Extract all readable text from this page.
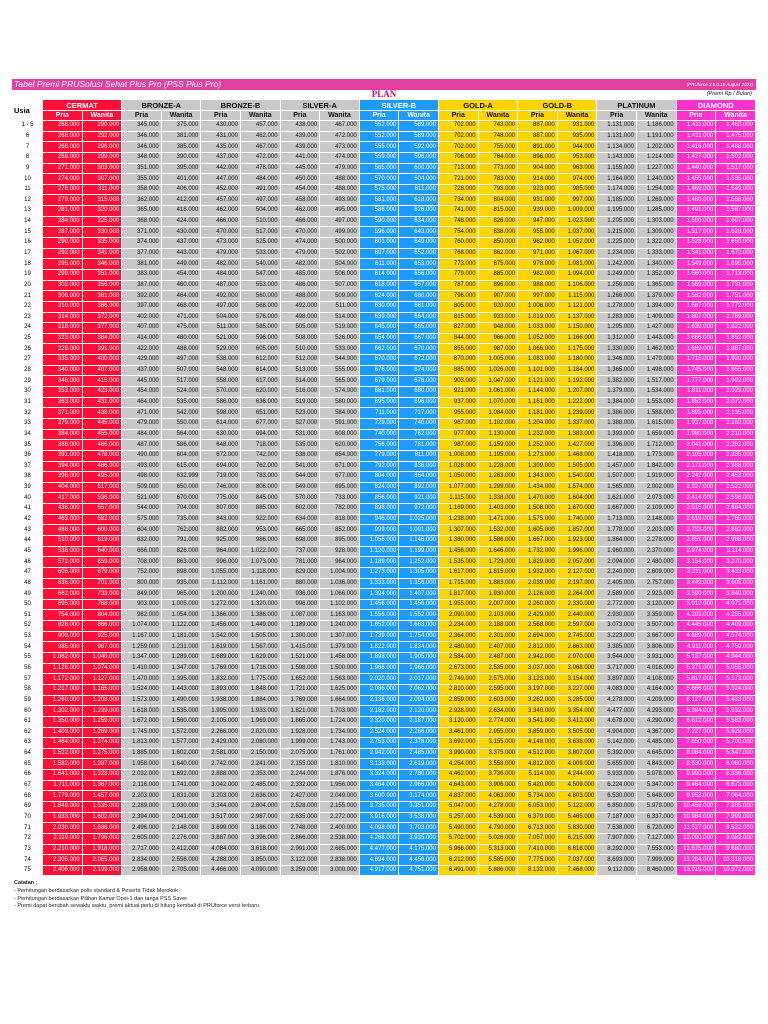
Tabel Premi PRUSolusi Sehat Plus Pro (PSS Plus Pro)	(PRUforce 3.9.0.15 August 2023)
PLAN	(Premi Rp / Bulan)
Usia	CERMAT		BRONZE-A		BRONZE-B		SILVER-A		SILVER-B		GOLD-A		GOLD-B		PLATINUM		DIAMOND	
	Pria	Wanita	Pria	Wanita	Pria	Wanita	Pria	Wanita	Pria	Wanita	Pria	Wanita	Pria	Wanita	Pria	Wanita	Pria	Wanita
1 - 5	268.000	290.000	345.000	375.000	430.000	457.000	438.000	467.000	552.000	589.000	702.000	743.000	887.000	931.000	1.131.000	1.186.000	1.411.000	1.460.000
6	268.000	292.000	346.000	381.000	431.000	462.000	439.000	472.000	552.000	589.000	702.000	748.000	887.000	935.000	1.131.000	1.191.000	1.411.000	1.475.000
7	268.000	296.000	346.000	385.000	435.000	467.000	439.000	473.000	555.000	592.000	702.000	755.000	891.000	944.000	1.134.000	1.202.000	1.416.000	1.488.000
8	269.000	299.000	348.000	390.000	437.000	472.000	441.000	474.000	559.000	596.000	706.000	764.000	896.000	953.000	1.143.000	1.214.000	1.427.000	1.502.000
9	271.000	303.000	351.000	395.000	442.000	478.000	445.000	479.000	565.000	600.000	713.000	773.000	904.000	963.000	1.155.000	1.227.000	1.440.000	1.517.000
10	274.000	307.000	355.000	401.000	447.000	484.000	450.000	488.000	570.000	604.000	721.000	783.000	914.000	974.000	1.164.000	1.240.000	1.455.000	1.535.000
11	276.000	311.000	358.000	406.000	452.000	491.000	454.000	488.000	575.000	611.000	728.000	793.000	923.000	985.000	1.174.000	1.254.000	1.469.000	1.549.000
12	279.000	315.000	362.000	412.000	457.000	497.000	458.000	493.000	581.000	618.000	734.000	804.000	931.000	997.000	1.185.000	1.269.000	1.480.000	1.568.000
13	281.000	320.000	365.000	418.000	462.000	504.000	462.000	495.000	586.000	626.000	741.000	815.000	939.000	1.009.000	1.195.000	1.285.000	1.491.000	1.587.000
14	284.000	325.000	368.000	424.000	466.000	510.000	466.000	497.000	590.000	634.000	748.000	826.000	947.000	1.023.000	1.205.000	1.303.000	1.500.000	1.607.000
15	287.000	330.000	371.000	430.000	470.000	517.000	470.000	499.000	596.000	643.000	754.000	838.000	955.000	1.037.000	1.215.000	1.309.000	1.517.000	1.628.000
16	290.000	335.000	374.000	437.000	473.000	525.000	474.000	500.000	601.000	649.000	760.000	850.000	962.000	1.052.000	1.225.000	1.322.000	1.528.000	1.650.000
17	292.000	341.000	377.000	443.000	479.000	533.000	479.000	502.000	607.000	652.000	768.000	862.000	971.000	1.067.000	1.234.000	1.333.000	1.541.000	1.672.000
18	295.000	346.000	381.000	449.000	482.000	540.000	482.000	504.000	611.000	653.000	773.000	875.000	978.000	1.081.000	1.242.000	1.340.000	1.549.000	1.695.000
19	299.000	351.000	383.000	454.000	484.000	547.000	485.000	506.000	614.000	656.000	779.000	885.000	982.000	1.094.000	1.249.000	1.352.000	1.560.000	1.713.000
20	302.000	356.000	387.000	460.000	487.000	553.000	486.000	507.000	618.000	657.000	787.000	896.000	988.000	1.106.000	1.256.000	1.365.000	1.569.000	1.731.000
21	306.000	361.000	392.000	464.000	492.000	560.000	488.000	509.000	624.000	660.000	796.000	907.000	997.000	1.115.000	1.266.000	1.379.000	1.582.000	1.751.000
22	310.000	366.000	397.000	468.000	497.000	568.000	492.000	511.000	630.000	661.000	805.000	920.000	1.006.000	1.121.000	1.278.000	1.394.000	1.587.000	1.772.000
23	314.000	372.000	402.000	471.000	504.000	576.000	498.000	514.000	639.000	664.000	815.000	933.000	1.019.000	1.137.000	1.283.000	1.409.000	1.607.000	1.789.000
24	318.000	377.000	407.000	475.000	511.000	585.000	505.000	519.000	645.000	665.000	827.000	948.000	1.033.000	1.150.000	1.295.000	1.427.000	1.639.000	1.822.000
25	323.000	384.000	414.000	480.000	521.000	596.000	508.000	526.000	654.000	667.000	844.000	966.000	1.052.000	1.166.000	1.312.000	1.443.000	1.666.000	1.852.000
26	329.000	391.000	422.000	488.000	529.000	605.000	510.000	533.000	662.000	670.000	855.000	987.000	1.066.000	1.175.000	1.330.000	1.462.000	1.689.000	1.887.000
27	335.000	400.000	429.000	497.000	538.000	612.000	512.000	544.000	670.000	672.000	870.000	1.005.000	1.083.000	1.180.000	1.346.000	1.479.000	1.715.000	1.920.000
28	340.000	407.000	437.000	507.000	548.000	614.000	513.000	555.000	676.000	674.000	885.000	1.026.000	1.101.000	1.184.000	1.365.000	1.498.000	1.745.000	1.955.000
29	346.000	415.000	445.000	517.000	558.000	617.000	514.000	565.000	679.000	676.000	903.000	1.047.000	1.121.000	1.192.000	1.382.000	1.517.000	1.777.000	1.992.000
30	353.000	423.000	454.000	524.000	570.000	620.000	516.000	574.000	681.000	680.000	921.000	1.061.000	1.144.000	1.207.000	1.379.000	1.534.000	1.811.000	2.029.000
31	363.000	431.000	464.000	535.000	586.000	636.000	519.000	580.000	695.000	696.000	937.000	1.070.000	1.161.000	1.222.000	1.384.000	1.553.000	1.852.000	2.072.000
32	371.000	438.000	471.000	542.000	598.000	651.000	523.000	584.000	711.000	717.000	955.000	1.084.000	1.181.000	1.239.000	1.386.000	1.588.000	1.895.000	2.135.000
33	379.000	445.000	479.000	550.000	614.000	677.000	527.000	591.000	729.000	740.000	967.000	1.102.000	1.204.000	1.337.000	1.388.000	1.615.000	1.937.000	2.160.000
34	384.000	455.000	484.000	564.000	630.000	694.000	531.000	608.000	740.000	762.000	977.000	1.130.000	1.232.000	1.383.000	1.393.000	1.659.000	1.980.000	2.210.000
35	388.000	466.000	487.000	586.000	648.000	718.000	535.000	620.000	756.000	781.000	987.000	1.159.000	1.252.000	1.427.000	1.396.000	1.712.000	2.041.000	2.262.000
36	391.000	478.000	490.000	604.000	672.000	742.000	538.000	654.000	779.000	811.000	1.008.000	1.195.000	1.273.000	1.468.000	1.418.000	1.773.000	2.105.000	2.335.000
37	394.000	486.000	493.000	615.000	694.000	762.000	541.000	671.000	792.000	836.000	1.028.000	1.228.000	1.309.000	1.505.000	1.457.000	1.842.000	2.171.000	2.388.000
38	398.000	495.000	498.000	632.999	719.000	783.000	544.000	677.000	804.000	864.000	1.050.000	1.263.000	1.343.000	1.540.000	1.507.000	1.919.000	2.242.000	2.453.000
39	404.000	517.000	509.000	650.000	746.000	806.000	549.000	695.000	824.000	892.000	1.077.000	1.299.000	1.434.000	1.574.000	1.565.000	2.002.000	2.327.000	2.522.000
40	417.000	536.000	521.000	670.000	775.000	845.000	570.000	733.000	856.000	921.000	1.115.000	1.338.000	1.470.000	1.604.000	1.621.000	2.073.000	2.414.000	2.596.000
41	436.000	557.000	544.000	704.000	807.000	885.000	602.000	782.000	898.000	972.000	1.169.000	1.403.000	1.508.000	1.670.000	1.667.000	2.109.000	2.515.000	2.684.000
42	463.000	582.000	575.000	735.000	843.000	922.000	634.000	818.000	946.000	1.025.000	1.238.000	1.471.000	1.575.000	1.740.000	1.713.000	2.148.000	2.619.000	2.785.000
43	488.000	600.000	604.000	762.000	882.000	953.000	665.000	852.000	999.000	1.091.000	1.307.000	1.532.000	1.605.000	1.857.000	1.778.000	2.203.000	2.733.000	2.882.000
44	510.000	619.000	632.000	791.000	925.000	986.000	698.000	895.000	1.056.000	1.146.000	1.380.000	1.586.000	1.667.000	1.923.000	1.864.000	2.278.000	2.851.000	2.988.000
45	538.000	640.000	666.000	826.000	964.000	1.022.000	737.000	928.000	1.120.000	1.199.000	1.456.000	1.646.000	1.732.000	1.996.000	1.960.000	2.370.000	2.974.000	3.114.000
46	572.000	659.000	708.000	863.000	996.000	1.073.000	781.000	964.000	1.189.000	1.252.000	1.535.000	1.729.000	1.829.000	2.057.000	2.094.000	2.480.000	3.154.000	3.270.000
47	605.000	679.000	752.000	898.000	1.055.000	1.118.000	829.000	1.004.000	1.273.000	1.305.000	1.617.000	1.815.000	1.932.000	2.127.000	2.240.000	2.609.000	3.311.000	3.433.000
48	636.000	701.000	800.000	935.000	1.112.000	1.161.000	880.000	1.036.000	1.333.000	1.356.000	1.715.000	1.883.000	2.039.000	2.197.000	2.405.000	2.757.000	3.449.000	3.605.000
49	662.000	733.000	849.000	965.000	1.200.000	1.240.000	936.000	1.066.000	1.394.000	1.407.000	1.817.000	1.930.000	2.126.000	2.264.000	2.589.000	2.923.000	3.590.000	3.840.000
50	695.000	768.000	903.000	1.005.000	1.272.000	1.320.000	996.000	1.102.000	1.456.000	1.456.000	1.955.000	2.007.000	2.260.000	2.330.000	2.772.000	3.120.000	3.912.000	4.071.000
51	754.000	804.000	982.000	1.054.000	1.366.000	1.386.000	1.087.000	1.163.000	1.556.000	1.552.000	2.090.000	2.103.000	2.429.000	2.440.000	2.930.000	3.359.000	4.203.000	4.255.000
52	828.000	866.000	1.074.000	1.122.000	1.456.000	1.449.000	1.189.000	1.240.000	1.652.000	1.663.000	2.234.000	2.188.000	2.568.000	2.597.000	3.073.000	3.507.000	4.445.000	4.409.000
53	909.000	925.000	1.167.000	1.181.000	1.542.000	1.505.000	1.300.000	1.307.000	1.739.000	1.754.000	2.364.000	2.301.000	2.694.000	2.745.000	3.223.000	3.667.000	4.689.000	4.574.000
54	985.000	987.000	1.259.000	1.231.000	1.619.000	1.567.000	1.415.000	1.379.000	1.822.000	1.834.000	2.480.000	2.407.000	2.812.000	2.863.000	3.385.000	3.806.000	4.911.000	4.759.000
55	1.062.000	1.040.000	1.347.000	1.289.000	1.689.000	1.629.000	1.521.000	1.458.000	1.898.000	1.905.000	2.584.000	2.487.000	2.942.000	2.970.000	3.544.000	3.931.000	5.137.000	4.944.000
56	1.126.000	1.074.000	1.410.000	1.347.000	1.769.000	1.716.000	1.598.000	1.500.000	1.966.000	1.966.000	2.673.000	2.535.000	3.037.000	3.068.000	3.717.000	4.018.000	5.371.000	5.055.000
57	1.172.000	1.127.000	1.470.000	1.395.000	1.832.000	1.775.000	1.652.000	1.563.000	2.020.000	2.017.000	2.749.000	2.575.000	3.123.000	3.154.000	3.897.000	4.108.000	5.617.000	5.173.000
58	1.217.000	1.165.000	1.524.000	1.443.000	1.893.000	1.848.000	1.721.000	1.625.000	2.086.000	2.062.000	2.810.000	2.595.000	3.197.000	3.227.000	4.083.000	4.164.000	5.866.000	5.324.000
59	1.260.000	1.208.000	1.573.000	1.490.000	1.938.000	1.884.000	1.769.000	1.664.000	2.136.000	2.094.000	2.859.000	2.603.000	3.262.000	3.285.000	4.278.000	4.209.000	6.127.000	5.433.000
60	1.302.000	1.239.000	1.618.000	1.535.000	1.995.000	1.933.000	1.821.000	1.703.000	2.182.000	2.120.000	2.928.000	2.634.000	3.340.000	3.354.000	4.477.000	4.293.000	6.394.000	5.532.000
61	1.350.000	1.259.000	1.672.000	1.560.000	2.105.000	1.969.000	1.865.000	1.724.000	2.320.000	2.187.000	3.120.000	2.774.000	3.541.000	3.412.000	4.678.000	4.290.000	6.612.000	5.583.000
62	1.409.000	1.269.000	1.745.000	1.572.000	2.266.000	2.020.000	1.928.000	1.734.000	2.524.000	2.266.000	3.461.000	2.955.000	3.859.000	3.505.000	4.904.000	4.367.000	7.227.000	5.628.000
63	1.464.000	1.274.000	1.813.000	1.577.000	2.429.000	2.080.000	1.999.000	1.743.000	2.753.000	2.378.000	3.692.000	3.155.000	4.148.000	3.638.000	5.142.000	4.485.000	7.650.000	5.700.000
64	1.522.000	1.275.000	1.885.000	1.602.000	2.581.000	2.150.000	2.075.000	1.761.000	2.942.000	2.485.000	3.990.000	3.375.000	4.512.000	3.807.000	5.392.000	4.645.000	8.084.000	5.847.000
65	1.582.000	1.287.000	1.958.000	1.640.000	2.742.000	2.241.000	2.155.000	1.810.000	3.133.000	2.619.000	4.254.000	3.558.000	4.812.000	4.009.000	5.655.000	4.843.000	8.530.000	6.060.000
66	1.641.000	1.328.000	2.032.000	1.692.000	2.888.000	2.353.000	2.244.000	1.876.000	3.324.000	2.780.000	4.462.000	3.736.000	5.114.000	4.244.000	5.933.000	5.078.000	8.990.000	6.336.000
67	1.711.000	1.367.000	2.116.000	1.741.000	3.042.000	2.485.000	2.332.000	1.956.000	3.464.000	2.966.000	4.643.000	3.906.000	5.420.000	4.509.000	6.224.000	5.347.000	9.464.000	6.673.000
68	1.779.000	1.457.000	2.203.000	1.831.000	3.203.000	2.636.000	2.427.000	2.049.000	3.600.000	3.174.000	4.837.000	4.063.000	5.734.000	4.803.000	6.530.000	5.648.000	9.953.000	7.064.000
69	1.849.000	1.535.000	2.289.000	1.930.000	3.344.000	2.804.000	2.528.000	2.155.000	3.735.000	3.351.000	5.047.000	4.278.000	6.053.000	5.122.000	6.850.000	5.979.000	10.458.000	7.505.000
70	1.933.000	1.602.000	2.394.000	2.041.000	3.517.000	2.987.000	2.635.000	2.272.000	3.916.000	3.538.000	5.257.000	4.539.000	6.379.000	5.465.000	7.187.000	6.337.000	10.984.000	7.999.000
71	2.030.000	1.686.000	2.496.000	2.148.000	3.699.000	3.186.000	2.748.000	2.400.000	4.098.000	3.703.000	5.490.000	4.790.000	6.713.000	5.830.000	7.538.000	6.720.000	11.527.000	8.522.000
72	2.119.000	1.796.000	2.605.000	2.276.000	3.887.000	3.396.000	2.866.000	2.538.000	4.268.000	3.935.000	5.702.000	5.026.000	7.057.000	6.215.000	7.907.000	7.127.000	12.090.000	9.089.000
73	2.210.000	1.918.000	2.717.000	2.412.000	4.084.000	3.618.000	2.991.000	2.685.000	4.477.000	4.175.000	5.966.000	5.313.000	7.410.000	6.618.000	8.292.000	7.553.000	12.675.000	9.680.000
74	2.305.000	2.065.000	2.834.000	2.556.000	4.288.000	3.850.000	3.122.000	2.838.000	4.694.000	4.456.000	6.212.000	5.585.000	7.775.000	7.037.000	8.693.000	7.999.000	13.284.000	10.318.000
75	2.406.000	2.199.000	2.958.000	2.705.000	4.466.000	4.090.000	3.259.000	3.000.000	4.917.000	4.751.000	6.491.000	5.886.000	8.132.000	7.468.000	9.112.000	8.460.000	13.915.000	10.972.000
Catatan :
- Perhitungan berdasarkan polis standard & Peserta Tidak Merokok
- Perhitungan berdasarkan Pilihan Kamar Opsi-1 dan tanpa PSS Saver
- Premi dapat berubah sewaktu waktu, premi aktual perlu di hitung kembali di PRUforce versi terbaru
